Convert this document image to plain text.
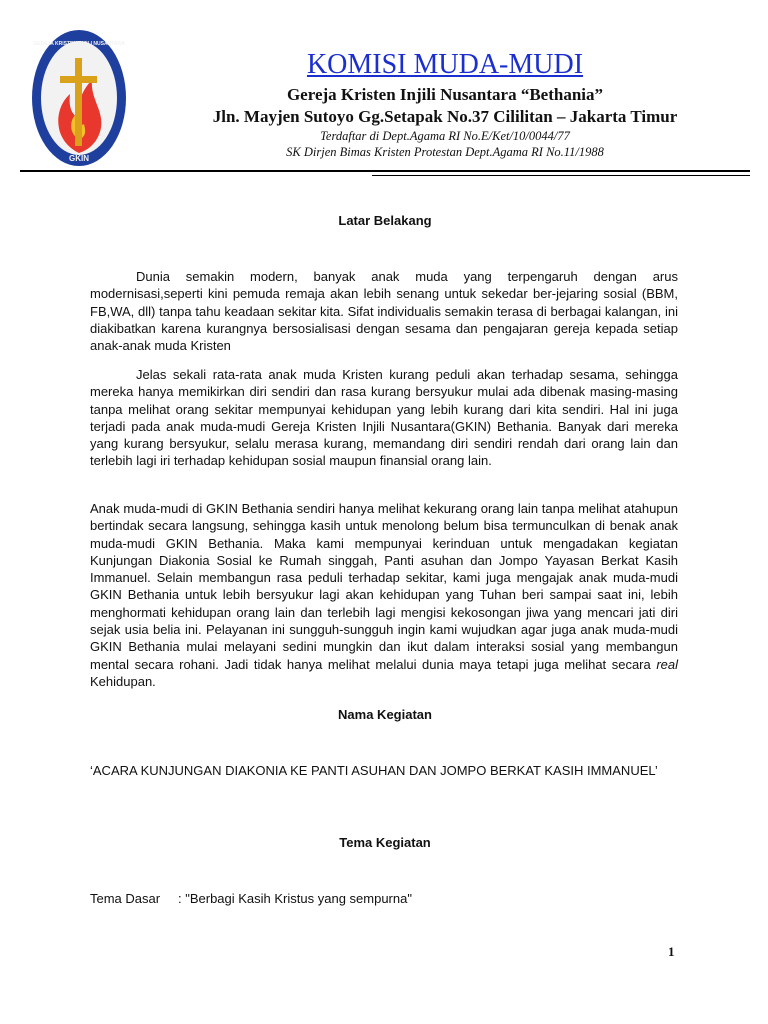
GKIN
GEREJA KRISTEN INJILI NUSANTARA
KOMISI MUDA-MUDI
Gereja Kristen Injili Nusantara “Bethania”
Jln. Mayjen Sutoyo Gg.Setapak No.37 Cililitan – Jakarta Timur
Terdaftar di Dept.Agama RI No.E/Ket/10/0044/77
SK Dirjen Bimas Kristen Protestan Dept.Agama RI No.11/1988
Latar Belakang

Dunia semakin modern, banyak anak muda yang terpengaruh dengan arus modernisasi,seperti kini pemuda remaja akan lebih senang untuk sekedar ber-jejaring sosial (BBM, FB,WA, dll) tanpa tahu keadaan sekitar kita. Sifat individualis semakin terasa di berbagai kalangan, ini diakibatkan karena kurangnya bersosialisasi dengan sesama dan pengajaran gereja kepada setiap anak-anak muda Kristen

Jelas sekali rata-rata anak muda Kristen kurang peduli akan terhadap sesama, sehingga mereka hanya memikirkan diri sendiri dan rasa kurang bersyukur mulai ada dibenak masing-masing tanpa melihat orang sekitar mempunyai kehidupan yang lebih kurang dari kita sendiri. Hal ini juga terjadi pada anak muda-mudi Gereja Kristen Injili Nusantara(GKIN) Bethania. Banyak dari mereka yang kurang bersyukur, selalu merasa kurang, memandang diri sendiri rendah dari orang lain dan terlebih lagi iri terhadap kehidupan sosial maupun finansial orang lain.

Anak muda-mudi di GKIN Bethania sendiri hanya melihat kekurang orang lain tanpa melihat atahupun bertindak secara langsung, sehingga kasih untuk menolong belum bisa termunculkan di benak anak muda-mudi GKIN Bethania. Maka kami mempunyai kerinduan untuk mengadakan kegiatan Kunjungan Diakonia Sosial ke Rumah singgah, Panti asuhan dan Jompo Yayasan Berkat Kasih Immanuel. Selain membangun rasa peduli terhadap sekitar, kami juga mengajak anak muda-mudi GKIN Bethania untuk lebih bersyukur lagi akan kehidupan yang Tuhan beri sampai saat ini, lebih menghormati kehidupan orang lain dan terlebih lagi mengisi kekosongan jiwa yang mencari jati diri sejak usia belia ini. Pelayanan ini sungguh-sungguh ingin kami wujudkan agar juga anak muda-mudi GKIN Bethania mulai melayani sedini mungkin dan ikut dalam interaksi sosial yang membangun mental secara rohani. Jadi tidak hanya melihat melalui dunia maya tetapi juga melihat secara real Kehidupan.

Nama Kegiatan
‘ACARA KUNJUNGAN DIAKONIA KE PANTI ASUHAN DAN JOMPO BERKAT KASIH IMMANUEL’
Tema Kegiatan
Tema Dasar : "Berbagi Kasih Kristus yang sempurna"
1
